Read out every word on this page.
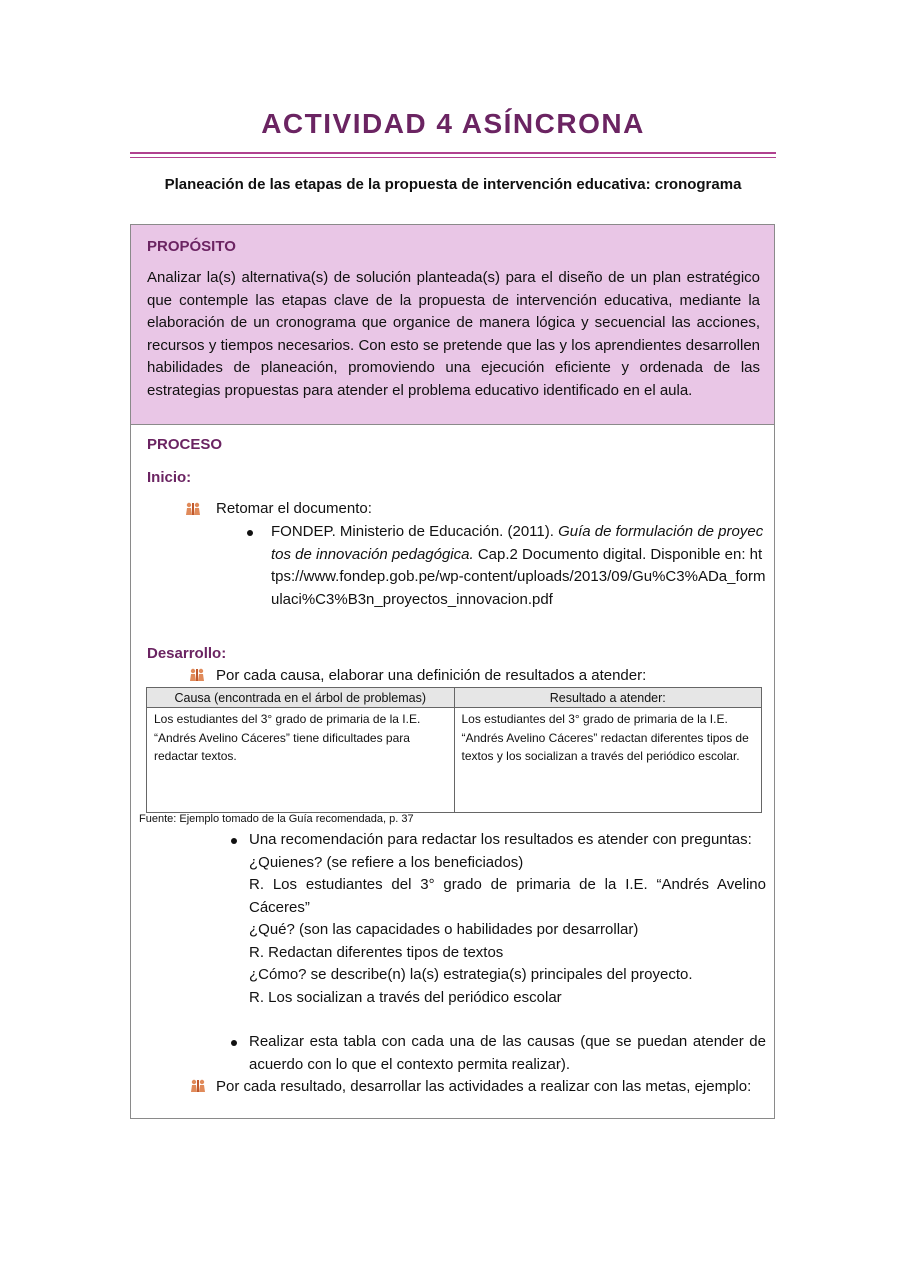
ACTIVIDAD 4 ASÍNCRONA
Planeación de las etapas de la propuesta de intervención educativa: cronograma
PROPÓSITO
Analizar la(s) alternativa(s) de solución planteada(s) para el diseño de un plan estratégico que contemple las etapas clave de la propuesta de intervención educativa, mediante la elaboración de un cronograma que organice de manera lógica y secuencial las acciones, recursos y tiempos necesarios. Con esto se pretende que las y los aprendientes desarrollen habilidades de planeación, promoviendo una ejecución eficiente y ordenada de las estrategias propuestas para atender el problema educativo identificado en el aula.
PROCESO
Inicio:
Retomar el documento:
FONDEP. Ministerio de Educación. (2011). Guía de formulación de proyectos de innovación pedagógica. Cap.2 Documento digital. Disponible en: https://www.fondep.gob.pe/wp-content/uploads/2013/09/Gu%C3%ADa_formulaci%C3%B3n_proyectos_innovacion.pdf
Desarrollo:
Por cada causa, elaborar una definición de resultados a atender:
Causa (encontrada en el árbol de problemas)	Resultado a atender:
Los estudiantes del 3° grado de primaria de la I.E. “Andrés Avelino Cáceres” tiene dificultades para redactar textos.	Los estudiantes del 3° grado de primaria de la I.E. “Andrés Avelino Cáceres” redactan diferentes tipos de textos y los socializan a través del periódico escolar.
Fuente: Ejemplo tomado de la Guía recomendada, p. 37
Una recomendación para redactar los resultados es atender con preguntas:
¿Quienes? (se refiere a los beneficiados)
R. Los estudiantes del 3° grado de primaria de la I.E. “Andrés Avelino Cáceres”
¿Qué? (son las capacidades o habilidades por desarrollar)
R. Redactan diferentes tipos de textos
¿Cómo? se describe(n) la(s) estrategia(s) principales del proyecto.
R. Los socializan a través del periódico escolar
Realizar esta tabla con cada una de las causas (que se puedan atender de acuerdo con lo que el contexto permita realizar).
Por cada resultado, desarrollar las actividades a realizar con las metas, ejemplo:
